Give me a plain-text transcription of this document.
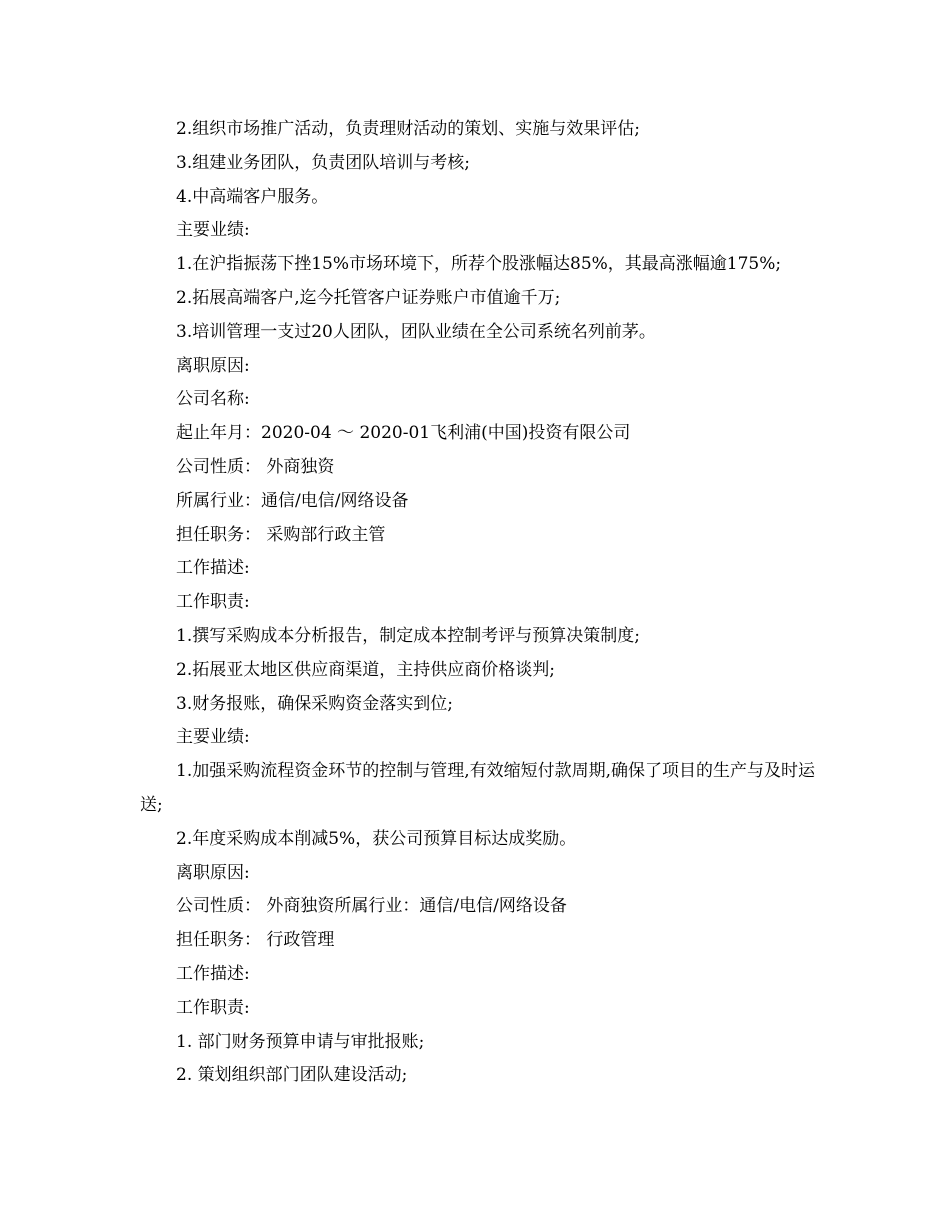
2.组织市场推广活动，负责理财活动的策划、实施与效果评估;
3.组建业务团队，负责团队培训与考核;
4.中高端客户服务。
主要业绩:
1.在沪指振荡下挫15%市场环境下，所荐个股涨幅达85%，其最高涨幅逾175%;
2.拓展高端客户,迄今托管客户证券账户市值逾千万;
3.培训管理一支过20人团队，团队业绩在全公司系统名列前茅。
离职原因:
公司名称:
起止年月：2020-04 ～ 2020-01飞利浦(中国)投资有限公司
公司性质： 外商独资
所属行业：通信/电信/网络设备
担任职务： 采购部行政主管
工作描述:
工作职责:
1.撰写采购成本分析报告，制定成本控制考评与预算决策制度;
2.拓展亚太地区供应商渠道，主持供应商价格谈判;
3.财务报账，确保采购资金落实到位;
主要业绩:
1.加强采购流程资金环节的控制与管理,有效缩短付款周期,确保了项目的生产与及时运送;
2.年度采购成本削减5%，获公司预算目标达成奖励。
离职原因:
公司性质： 外商独资所属行业：通信/电信/网络设备
担任职务： 行政管理
工作描述:
工作职责:
1. 部门财务预算申请与审批报账;
2. 策划组织部门团队建设活动;
